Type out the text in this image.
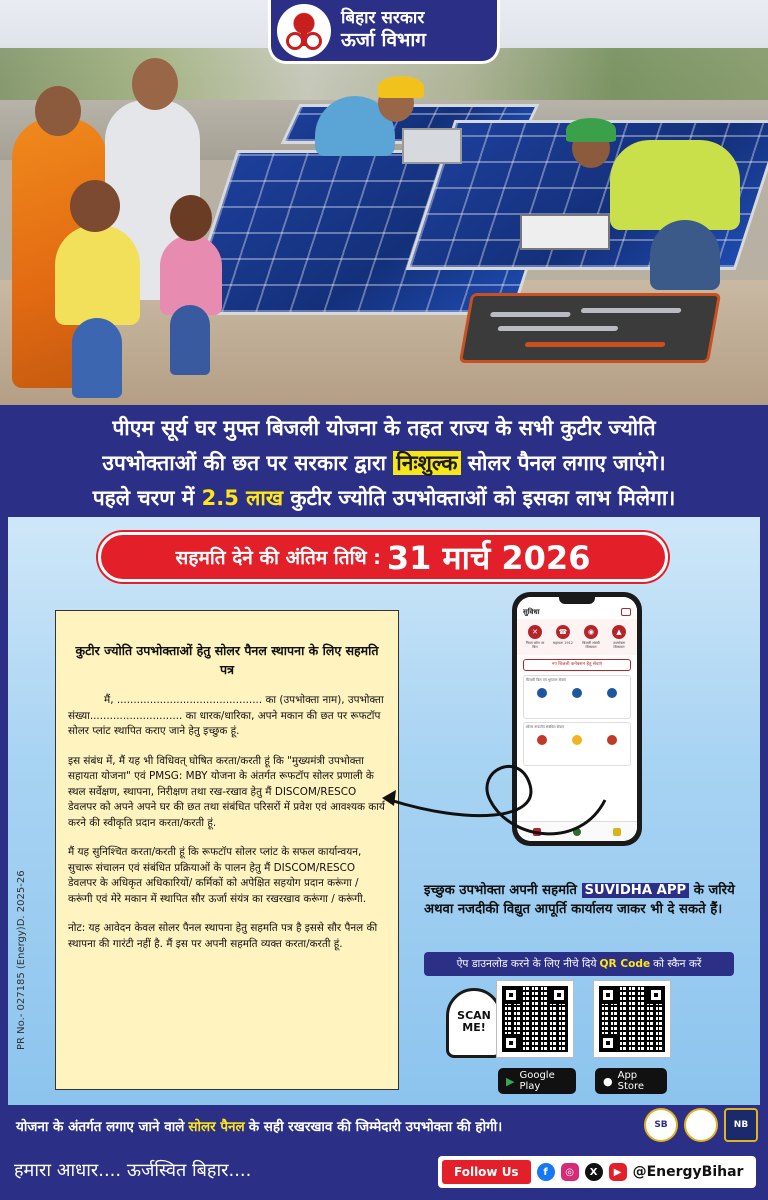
बिहार सरकार
ऊर्जा विभाग
पीएम सूर्य घर मुफ्त बिजली योजना के तहत राज्य के सभी कुटीर ज्योति
उपभोक्ताओं की छत पर सरकार द्वारा निःशुल्क सोलर पैनल लगाए जाएंगे।
पहले चरण में 2.5 लाख कुटीर ज्योति उपभोक्ताओं को इसका लाभ मिलेगा।
सहमति देने की अंतिम तिथि : 31 मार्च 2026
कुटीर ज्योति उपभोक्ताओं हेतु सोलर पैनल स्थापना के लिए सहमति पत्र

मैं, ............................................ का (उपभोक्ता नाम), उपभोक्ता संख्या............................ का धारक/धारिका, अपने मकान की छत पर रूफटॉप सोलर प्लांट स्थापित कराए जाने हेतु इच्छुक हूं.

इस संबंध में, मैं यह भी विधिवत् घोषित करता/करती हूं कि "मुख्यमंत्री उपभोक्ता सहायता योजना" एवं PMSG: MBY योजना के अंतर्गत रूफटॉप सोलर प्रणाली के स्थल सर्वेक्षण, स्थापना, निरीक्षण तथा रख-रखाव हेतु मैं DISCOM/RESCO डेवलपर को अपने अपने घर की छत तथा संबंधित परिसरों में प्रवेश एवं आवश्यक कार्य करने की स्वीकृति प्रदान करता/करती हूं.

मैं यह सुनिश्चित करता/करती हूं कि रूफटॉप सोलर प्लांट के सफल कार्यान्वयन, सुचारू संचालन एवं संबंधित प्रक्रियाओं के पालन हेतु मैं DISCOM/RESCO डेवलपर के अधिकृत अधिकारियों/ कर्मिकों को अपेक्षित सहयोग प्रदान करूंगा / करूंगी एवं मेरे मकान में स्थापित सौर ऊर्जा संयंत्र का रखरखाव करूंगा / करूंगी.

नोट: यह आवेदन केवल सोलर पैनल स्थापना हेतु सहमति पत्र है इससे सौर पैनल की स्थापना की गारंटी नहीं है. मैं इस पर अपनी सहमति व्यक्त करता/करती हूं.

PR No.- 027185 (Energy)D. 2025-26
सुविधा
✕
नियम कॉल पर बिल
☎
सहायता 1912
◉
बिजली संबंधी शिकायत
▲
उपभोक्ता शिकायत
नए बिजली कनेक्शन हेतु सेवाएं
बिजली बिल एवं भुगतान सेवाएं
सोलर रूफटॉप संबंधित सेवाएं
इच्छुक उपभोक्ता अपनी सहमति SUVIDHA APP के जरिये अथवा नजदीकी विद्युत आपूर्ति कार्यालय जाकर भी दे सकते हैं।
ऐप डाउनलोड करने के लिए नीचे दिये QR Code को स्कैन करें
SCAN ME!
▶ Google Play	● App Store
योजना के अंतर्गत लगाए जाने वाले सोलर पैनल के सही रखरखाव की जिम्मेदारी उपभोक्ता की होगी।	SB	NB
हमारा आधार.... ऊर्जस्वित बिहार....	Follow Us	f	◎	X	▶ @EnergyBihar
